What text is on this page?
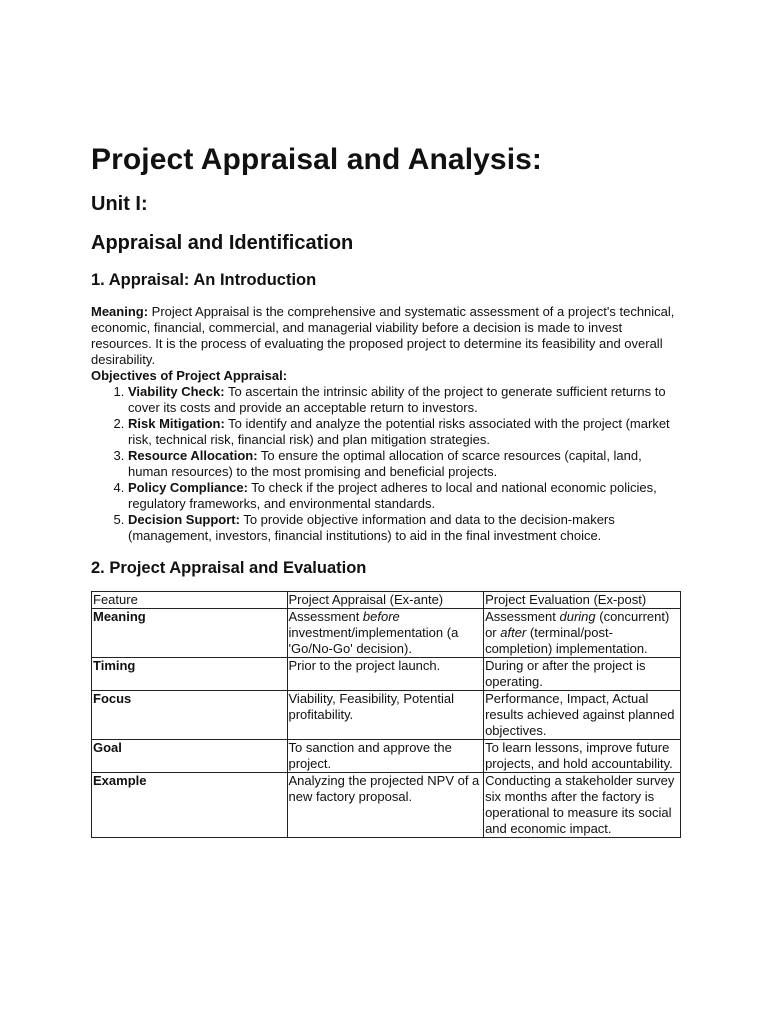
Project Appraisal and Analysis:
Unit I:
Appraisal and Identification
1. Appraisal: An Introduction

Meaning: Project Appraisal is the comprehensive and systematic assessment of a project's technical, economic, financial, commercial, and managerial viability before a decision is made to invest resources. It is the process of evaluating the proposed project to determine its feasibility and overall desirability.

Objectives of Project Appraisal:

1. Viability Check: To ascertain the intrinsic ability of the project to generate sufficient returns to cover its costs and provide an acceptable return to investors.
2. Risk Mitigation: To identify and analyze the potential risks associated with the project (market risk, technical risk, financial risk) and plan mitigation strategies.
3. Resource Allocation: To ensure the optimal allocation of scarce resources (capital, land, human resources) to the most promising and beneficial projects.
4. Policy Compliance: To check if the project adheres to local and national economic policies, regulatory frameworks, and environmental standards.
5. Decision Support: To provide objective information and data to the decision-makers (management, investors, financial institutions) to aid in the final investment choice.
2. Project Appraisal and Evaluation
Feature	Project Appraisal (Ex-ante)	Project Evaluation (Ex-post)
Meaning	Assessment before investment/implementation (a 'Go/No-Go' decision).	Assessment during (concurrent) or after (terminal/post-completion) implementation.
Timing	Prior to the project launch.	During or after the project is operating.
Focus	Viability, Feasibility, Potential profitability.	Performance, Impact, Actual results achieved against planned objectives.
Goal	To sanction and approve the project.	To learn lessons, improve future projects, and hold accountability.
Example	Analyzing the projected NPV of a new factory proposal.	Conducting a stakeholder survey six months after the factory is operational to measure its social and economic impact.
